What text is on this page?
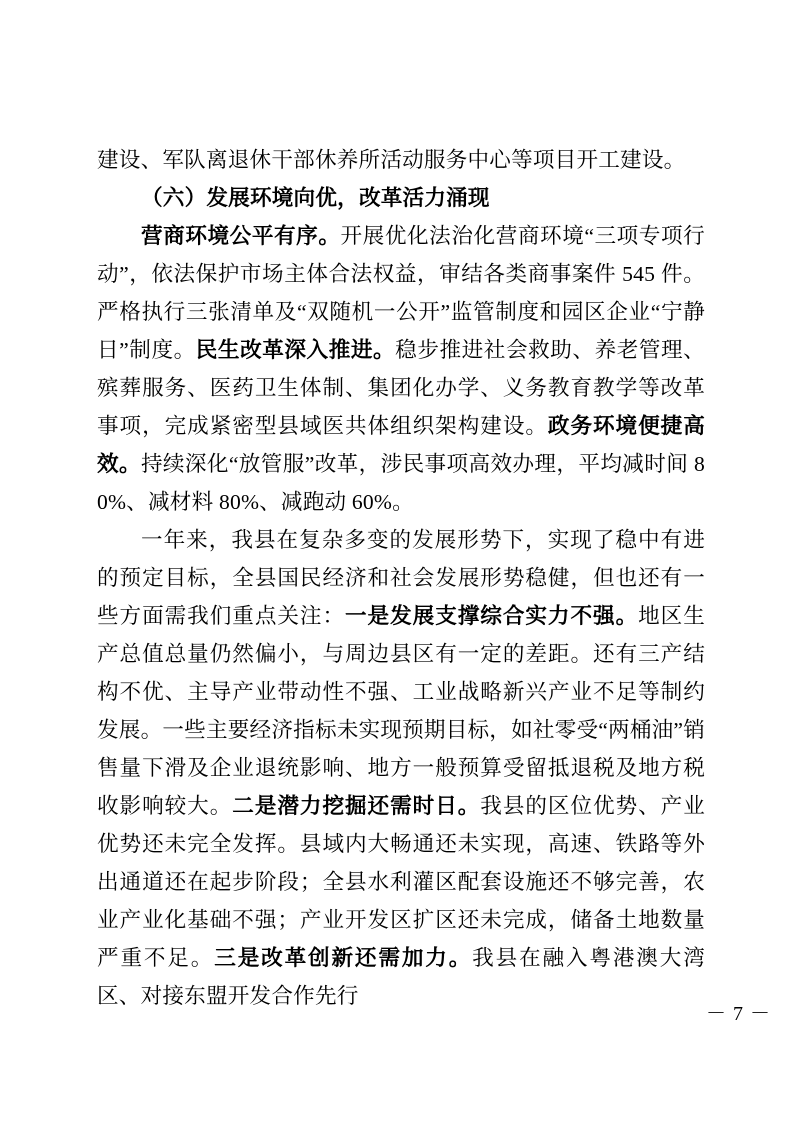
建设、军队离退休干部休养所活动服务中心等项目开工建设。

（六）发展环境向优，改革活力涌现

营商环境公平有序。开展优化法治化营商环境“三项专项行动”，依法保护市场主体合法权益，审结各类商事案件 545 件。严格执行三张清单及“双随机一公开”监管制度和园区企业“宁静日”制度。民生改革深入推进。稳步推进社会救助、养老管理、殡葬服务、医药卫生体制、集团化办学、义务教育教学等改革事项，完成紧密型县域医共体组织架构建设。政务环境便捷高效。持续深化“放管服”改革，涉民事项高效办理，平均减时间 80%、减材料 80%、减跑动 60%。

一年来，我县在复杂多变的发展形势下，实现了稳中有进的预定目标，全县国民经济和社会发展形势稳健，但也还有一些方面需我们重点关注：一是发展支撑综合实力不强。地区生产总值总量仍然偏小，与周边县区有一定的差距。还有三产结构不优、主导产业带动性不强、工业战略新兴产业不足等制约发展。一些主要经济指标未实现预期目标，如社零受“两桶油”销售量下滑及企业退统影响、地方一般预算受留抵退税及地方税收影响较大。二是潜力挖掘还需时日。我县的区位优势、产业优势还未完全发挥。县域内大畅通还未实现，高速、铁路等外出通道还在起步阶段；全县水利灌区配套设施还不够完善，农业产业化基础不强；产业开发区扩区还未完成，储备土地数量严重不足。三是改革创新还需加力。我县在融入粤港澳大湾区、对接东盟开发合作先行

－ 7 －
